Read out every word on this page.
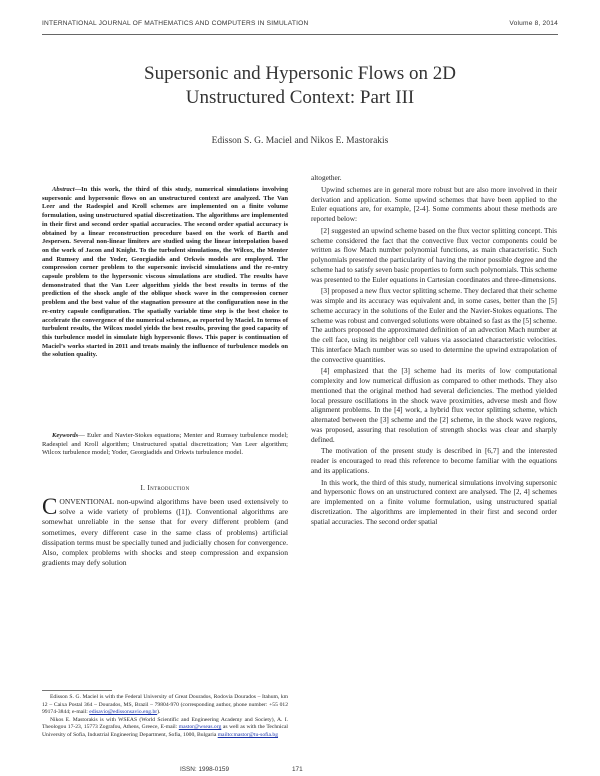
INTERNATIONAL JOURNAL OF MATHEMATICS AND COMPUTERS IN SIMULATION	Volume 8, 2014
Supersonic and Hypersonic Flows on 2D
Unstructured Context: Part III
Edisson S. G. Maciel and Nikos E. Mastorakis

Abstract—In this work, the third of this study, numerical simulations involving supersonic and hypersonic flows on an unstructured context are analyzed. The Van Leer and the Radespiel and Kroll schemes are implemented on a finite volume formulation, using unstructured spatial discretization. The algorithms are implemented in their first and second order spatial accuracies. The second order spatial accuracy is obtained by a linear reconstruction procedure based on the work of Barth and Jespersen. Several non-linear limiters are studied using the linear interpolation based on the work of Jacon and Knight. To the turbulent simulations, the Wilcox, the Menter and Rumsey and the Yoder, Georgiadids and Orkwis models are employed. The compression corner problem to the supersonic inviscid simulations and the re-entry capsule problem to the hypersonic viscous simulations are studied. The results have demonstrated that the Van Leer algorithm yields the best results in terms of the prediction of the shock angle of the oblique shock wave in the compression corner problem and the best value of the stagnation pressure at the configuration nose in the re-entry capsule configuration. The spatially variable time step is the best choice to accelerate the convergence of the numerical schemes, as reported by Maciel. In terms of turbulent results, the Wilcox model yields the best results, proving the good capacity of this turbulence model in simulate high hypersonic flows. This paper is continuation of Maciel’s works started in 2011 and treats mainly the influence of turbulence models on the solution quality.

Keywords— Euler and Navier-Stokes equations; Menter and Rumsey turbulence model; Radespiel and Kroll algorithm; Unstructured spatial discretization; Van Leer algorithm; Wilcox turbulence model; Yoder, Georgiadids and Orkwis turbulence model.

I. Introduction

CONVENTIONAL non-upwind algorithms have been used extensively to solve a wide variety of problems ([1]). Conventional algorithms are somewhat unreliable in the sense that for every different problem (and sometimes, every different case in the same class of problems) artificial dissipation terms must be specially tuned and judicially chosen for convergence. Also, complex problems with shocks and steep compression and expansion gradients may defy solution

Edisson S. G. Maciel is with the Federal University of Great Dourados, Rodovia Dourados – Itahum, km 12 – Caixa Postal 364 – Dourados, MS, Brazil – 79804-970 (corresponding author, phone number: +55 012 99174-3844; e-mail: edisavio@edissonsavio.eng.br).

Nikos E. Mastorakis is with WSEAS (World Scientific and Engineering Academy and Society), A. I. Theologou 17-23, 15773 Zografou, Athens, Greece, E-mail: mastor@wseas.org as well as with the Technical University of Sofia, Industrial Engineering Department, Sofia, 1000, Bulgaria mailto:mastor@tu-sofia.bg

altogether.

Upwind schemes are in general more robust but are also more involved in their derivation and application. Some upwind schemes that have been applied to the Euler equations are, for example, [2-4]. Some comments about these methods are reported below:

[2] suggested an upwind scheme based on the flux vector splitting concept. This scheme considered the fact that the convective flux vector components could be written as flow Mach number polynomial functions, as main characteristic. Such polynomials presented the particularity of having the minor possible degree and the scheme had to satisfy seven basic properties to form such polynomials. This scheme was presented to the Euler equations in Cartesian coordinates and three-dimensions.

[3] proposed a new flux vector splitting scheme. They declared that their scheme was simple and its accuracy was equivalent and, in some cases, better than the [5] scheme accuracy in the solutions of the Euler and the Navier-Stokes equations. The scheme was robust and converged solutions were obtained so fast as the [5] scheme. The authors proposed the approximated definition of an advection Mach number at the cell face, using its neighbor cell values via associated characteristic velocities. This interface Mach number was so used to determine the upwind extrapolation of the convective quantities.

[4] emphasized that the [3] scheme had its merits of low computational complexity and low numerical diffusion as compared to other methods. They also mentioned that the original method had several deficiencies. The method yielded local pressure oscillations in the shock wave proximities, adverse mesh and flow alignment problems. In the [4] work, a hybrid flux vector splitting scheme, which alternated between the [3] scheme and the [2] scheme, in the shock wave regions, was proposed, assuring that resolution of strength shocks was clear and sharply defined.

The motivation of the present study is described in [6,7] and the interested reader is encouraged to read this reference to become familiar with the equations and its applications.

In this work, the third of this study, numerical simulations involving supersonic and hypersonic flows on an unstructured context are analysed. The [2, 4] schemes are implemented on a finite volume formulation, using unstructured spatial discretization. The algorithms are implemented in their first and second order spatial accuracies. The second order spatial

ISSN: 1998-0159	171
